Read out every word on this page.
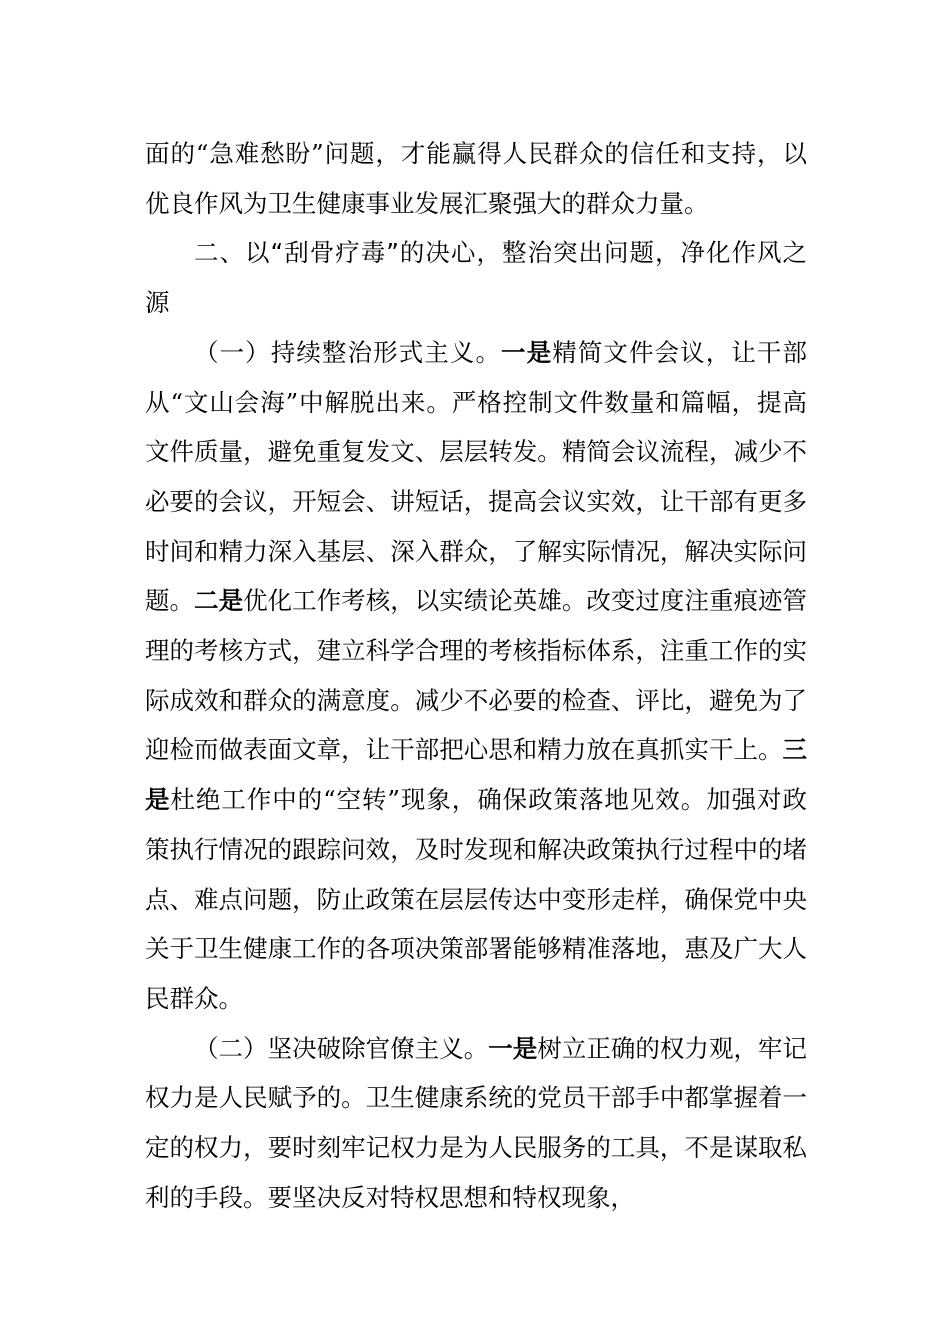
面的“急难愁盼”问题，才能赢得人民群众的信任和支持，以优良作风为卫生健康事业发展汇聚强大的群众力量。

二、以“刮骨疗毒”的决心，整治突出问题，净化作风之源

（一）持续整治形式主义。一是精简文件会议，让干部从“文山会海”中解脱出来。严格控制文件数量和篇幅，提高文件质量，避免重复发文、层层转发。精简会议流程，减少不必要的会议，开短会、讲短话，提高会议实效，让干部有更多时间和精力深入基层、深入群众，了解实际情况，解决实际问题。二是优化工作考核，以实绩论英雄。改变过度注重痕迹管理的考核方式，建立科学合理的考核指标体系，注重工作的实际成效和群众的满意度。减少不必要的检查、评比，避免为了迎检而做表面文章，让干部把心思和精力放在真抓实干上。三是杜绝工作中的“空转”现象，确保政策落地见效。加强对政策执行情况的跟踪问效，及时发现和解决政策执行过程中的堵点、难点问题，防止政策在层层传达中变形走样，确保党中央关于卫生健康工作的各项决策部署能够精准落地，惠及广大人民群众。

（二）坚决破除官僚主义。一是树立正确的权力观，牢记权力是人民赋予的。卫生健康系统的党员干部手中都掌握着一定的权力，要时刻牢记权力是为人民服务的工具，不是谋取私利的手段。要坚决反对特权思想和特权现象，
